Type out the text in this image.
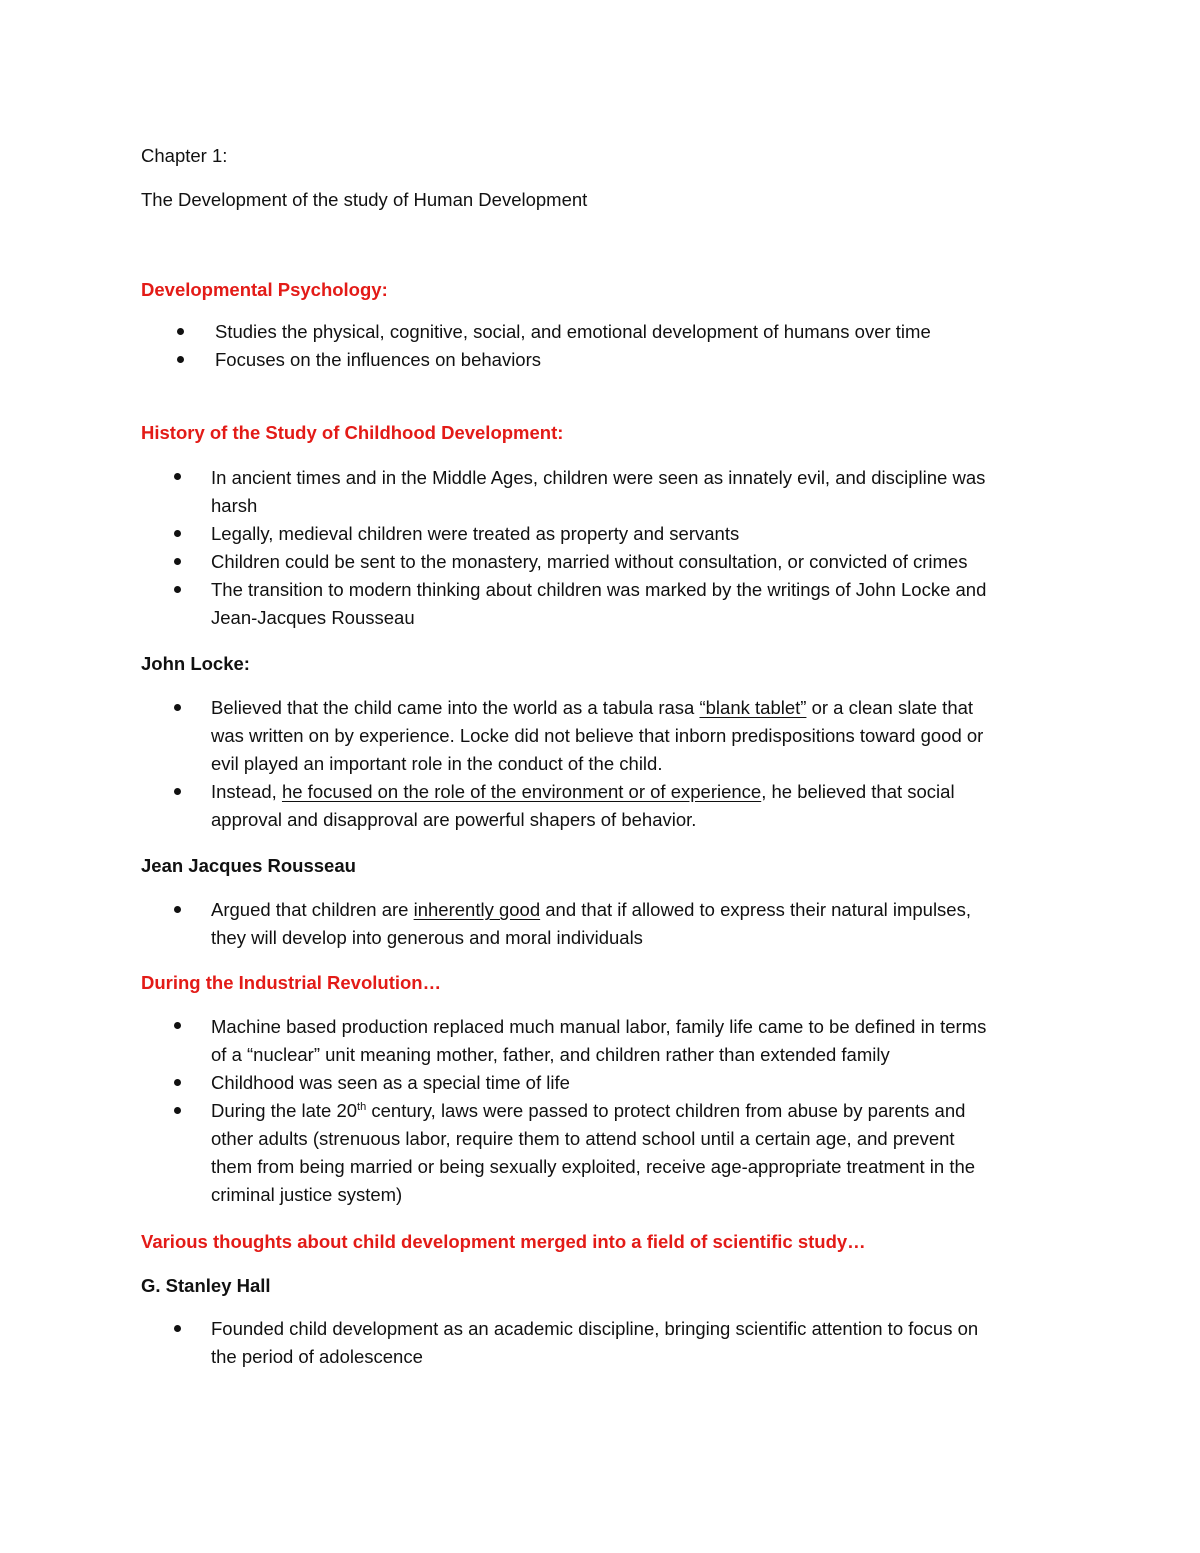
Chapter 1:
The Development of the study of Human Development
Developmental Psychology:
Studies the physical, cognitive, social, and emotional development of humans over time
Focuses on the influences on behaviors
History of the Study of Childhood Development:
In ancient times and in the Middle Ages, children were seen as innately evil, and discipline was
harsh
Legally, medieval children were treated as property and servants
Children could be sent to the monastery, married without consultation, or convicted of crimes
The transition to modern thinking about children was marked by the writings of John Locke and
Jean-Jacques Rousseau
John Locke:
Believed that the child came into the world as a tabula rasa “blank tablet” or a clean slate that
was written on by experience. Locke did not believe that inborn predispositions toward good or
evil played an important role in the conduct of the child.
Instead, he focused on the role of the environment or of experience, he believed that social
approval and disapproval are powerful shapers of behavior.
Jean Jacques Rousseau
Argued that children are inherently good and that if allowed to express their natural impulses,
they will develop into generous and moral individuals
During the Industrial Revolution…
Machine based production replaced much manual labor, family life came to be defined in terms
of a “nuclear” unit meaning mother, father, and children rather than extended family
Childhood was seen as a special time of life
During the late 20th century, laws were passed to protect children from abuse by parents and
other adults (strenuous labor, require them to attend school until a certain age, and prevent
them from being married or being sexually exploited, receive age-appropriate treatment in the
criminal justice system)
Various thoughts about child development merged into a field of scientific study…
G. Stanley Hall
Founded child development as an academic discipline, bringing scientific attention to focus on
the period of adolescence
